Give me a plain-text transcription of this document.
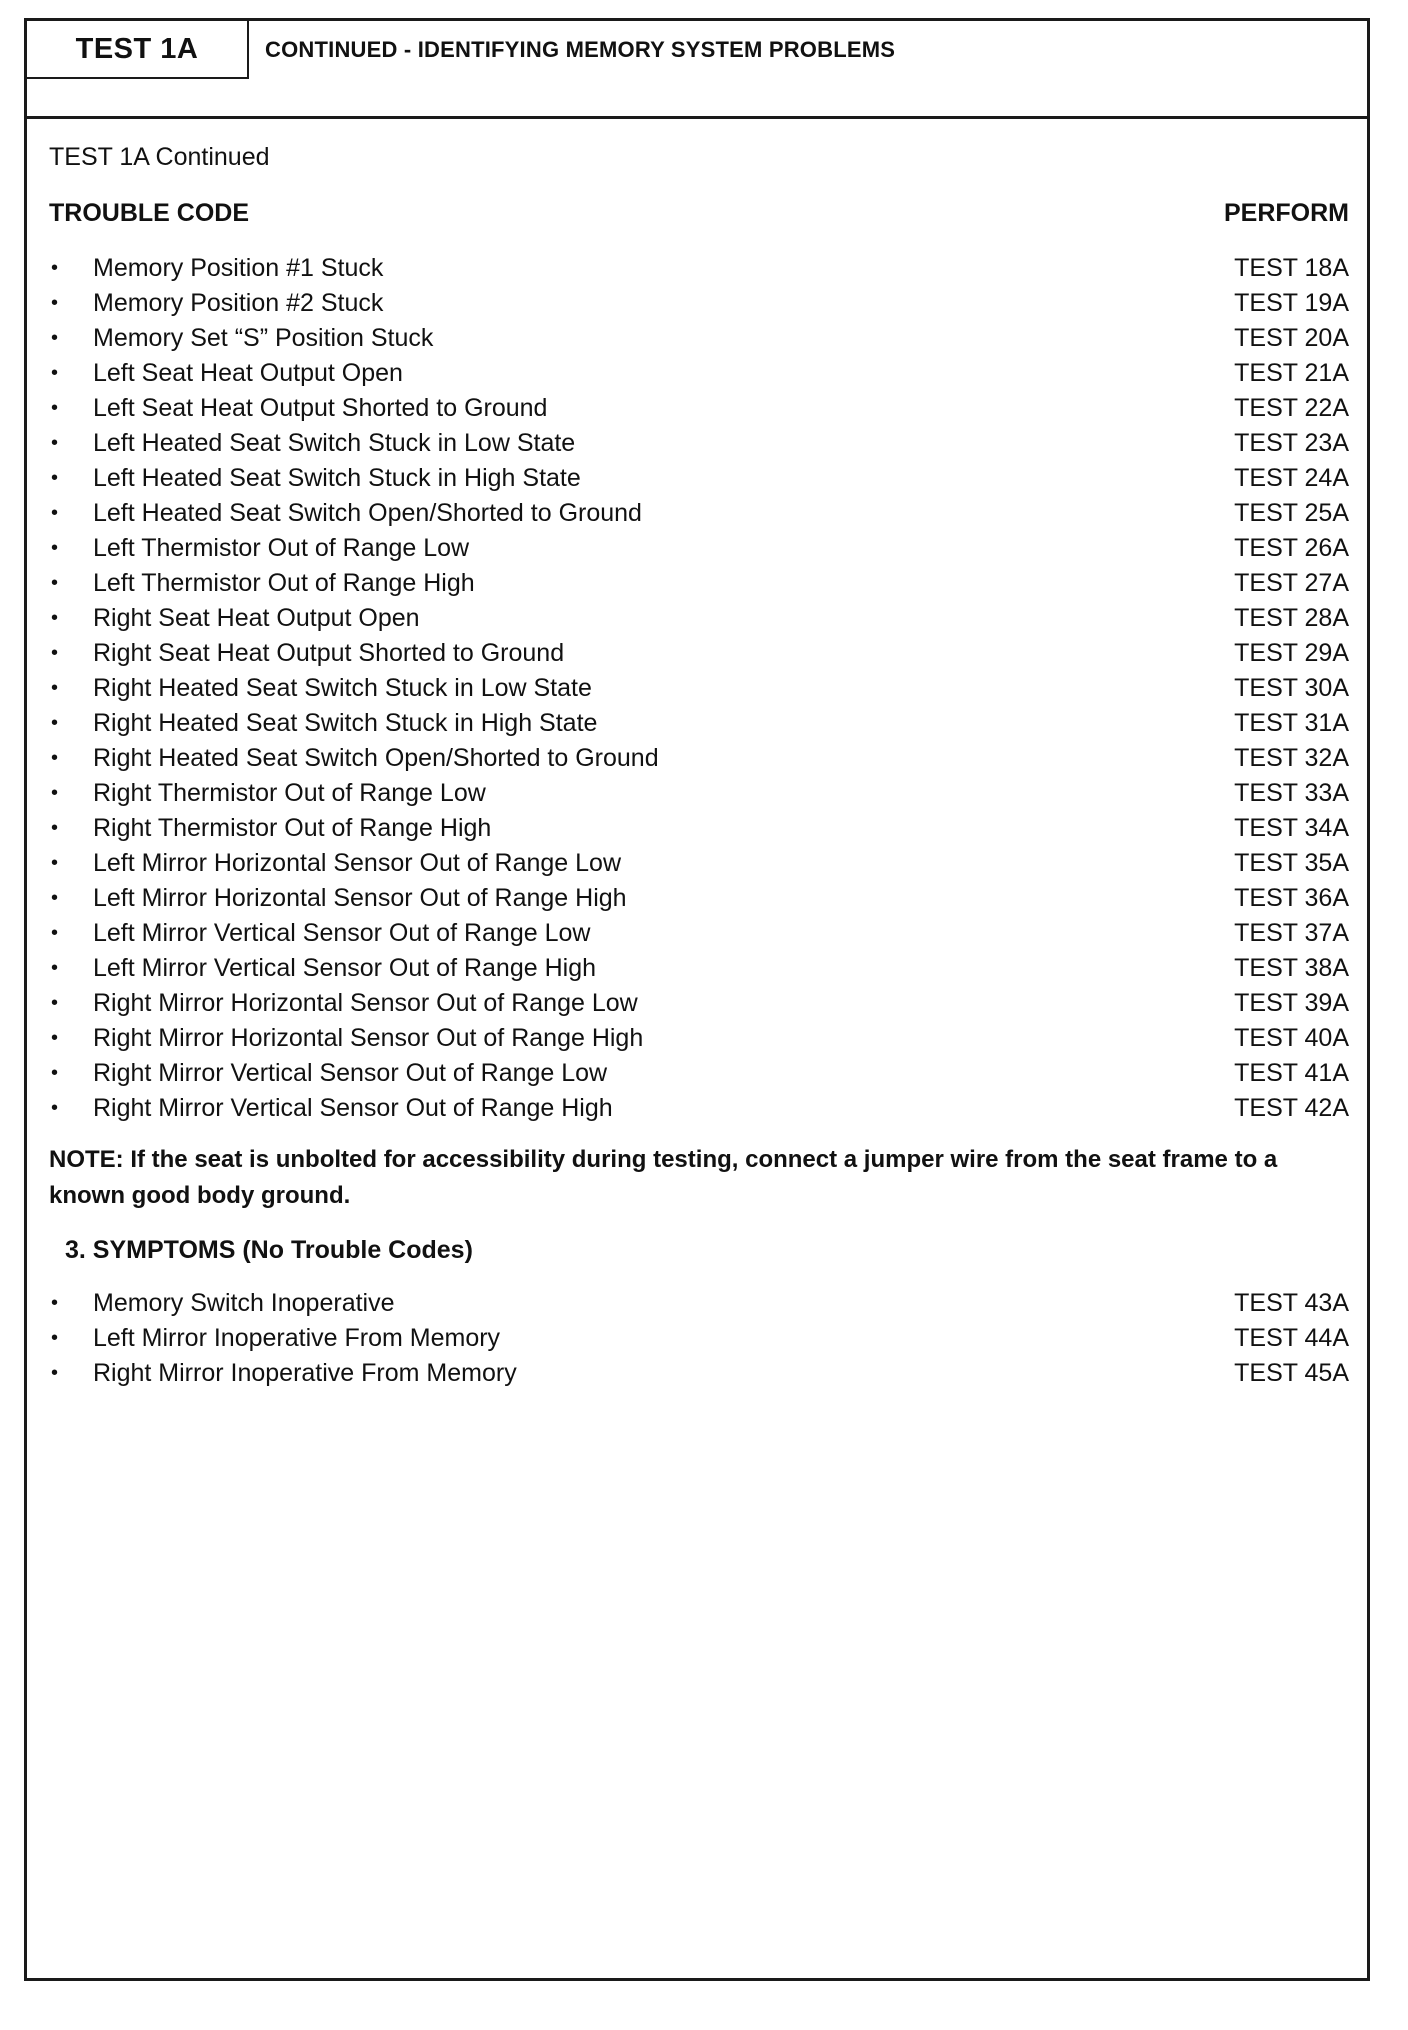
TEST 1A	CONTINUED - IDENTIFYING MEMORY SYSTEM PROBLEMS
TEST 1A Continued
TROUBLE CODE	PERFORM
•	Memory Position #1 Stuck	TEST 18A
•	Memory Position #2 Stuck	TEST 19A
•	Memory Set “S” Position Stuck	TEST 20A
•	Left Seat Heat Output Open	TEST 21A
•	Left Seat Heat Output Shorted to Ground	TEST 22A
•	Left Heated Seat Switch Stuck in Low State	TEST 23A
•	Left Heated Seat Switch Stuck in High State	TEST 24A
•	Left Heated Seat Switch Open/Shorted to Ground	TEST 25A
•	Left Thermistor Out of Range Low	TEST 26A
•	Left Thermistor Out of Range High	TEST 27A
•	Right Seat Heat Output Open	TEST 28A
•	Right Seat Heat Output Shorted to Ground	TEST 29A
•	Right Heated Seat Switch Stuck in Low State	TEST 30A
•	Right Heated Seat Switch Stuck in High State	TEST 31A
•	Right Heated Seat Switch Open/Shorted to Ground	TEST 32A
•	Right Thermistor Out of Range Low	TEST 33A
•	Right Thermistor Out of Range High	TEST 34A
•	Left Mirror Horizontal Sensor Out of Range Low	TEST 35A
•	Left Mirror Horizontal Sensor Out of Range High	TEST 36A
•	Left Mirror Vertical Sensor Out of Range Low	TEST 37A
•	Left Mirror Vertical Sensor Out of Range High	TEST 38A
•	Right Mirror Horizontal Sensor Out of Range Low	TEST 39A
•	Right Mirror Horizontal Sensor Out of Range High	TEST 40A
•	Right Mirror Vertical Sensor Out of Range Low	TEST 41A
•	Right Mirror Vertical Sensor Out of Range High	TEST 42A
NOTE: If the seat is unbolted for accessibility during testing, connect a jumper wire from the seat frame to a known good body ground.
3. SYMPTOMS (No Trouble Codes)
•	Memory Switch Inoperative	TEST 43A
•	Left Mirror Inoperative From Memory	TEST 44A
•	Right Mirror Inoperative From Memory	TEST 45A
